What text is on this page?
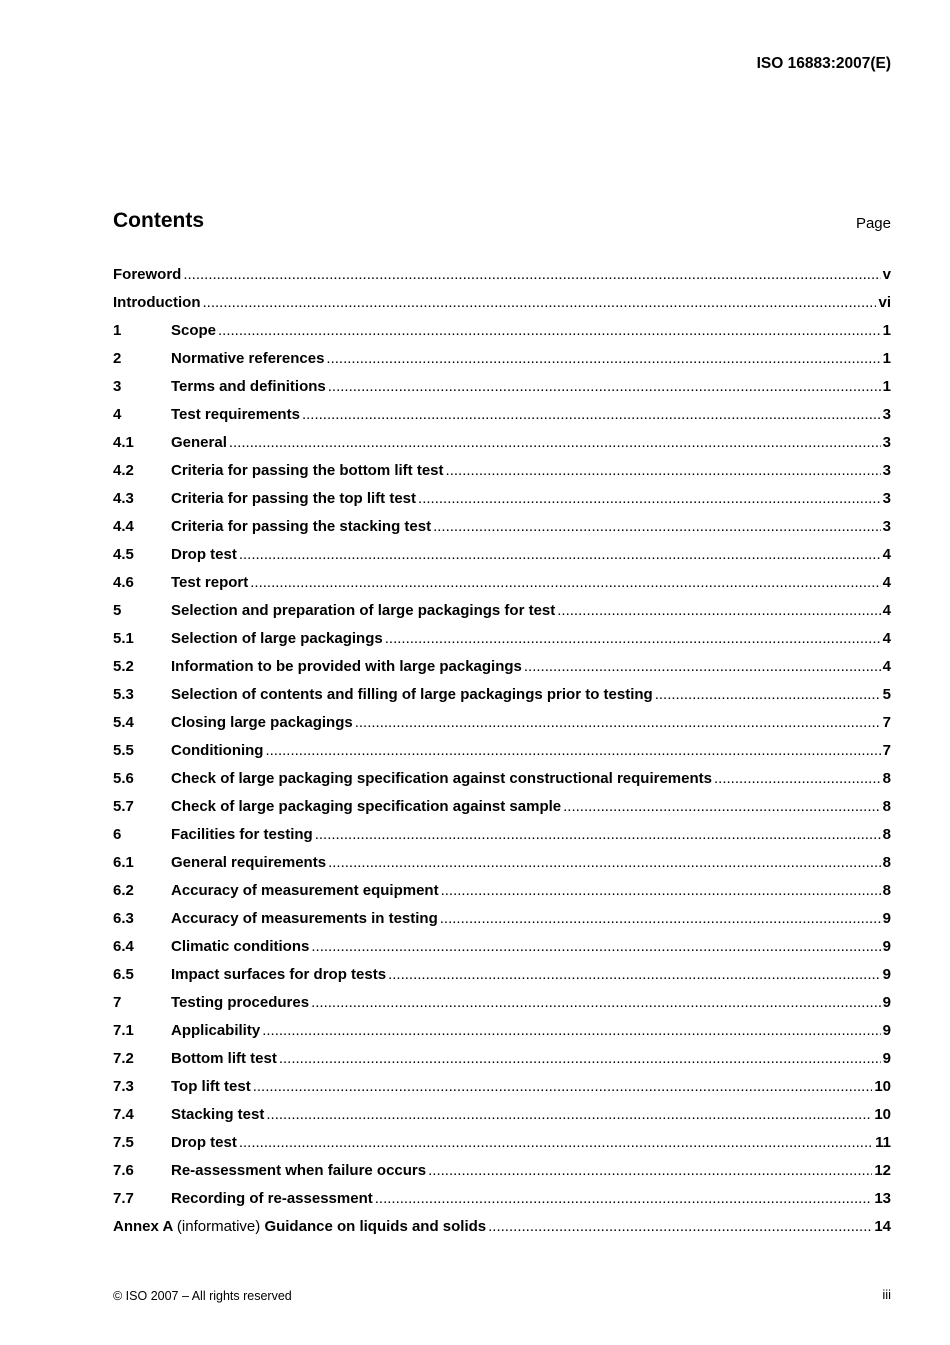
ISO 16883:2007(E)
Contents	Page
Foreword .....	v
Introduction .....	vi
1	Scope .....	1
2	Normative references .....	1
3	Terms and definitions .....	1
4	Test requirements .....	3
4.1	General .....	3
4.2	Criteria for passing the bottom lift test .....	3
4.3	Criteria for passing the top lift test .....	3
4.4	Criteria for passing the stacking test .....	3
4.5	Drop test .....	4
4.6	Test report .....	4
5	Selection and preparation of large packagings for test .....	4
5.1	Selection of large packagings .....	4
5.2	Information to be provided with large packagings .....	4
5.3	Selection of contents and filling of large packagings prior to testing .....	5
5.4	Closing large packagings .....	7
5.5	Conditioning .....	7
5.6	Check of large packaging specification against constructional requirements .....	8
5.7	Check of large packaging specification against sample .....	8
6	Facilities for testing .....	8
6.1	General requirements .....	8
6.2	Accuracy of measurement equipment .....	8
6.3	Accuracy of measurements in testing .....	9
6.4	Climatic conditions .....	9
6.5	Impact surfaces for drop tests .....	9
7	Testing procedures .....	9
7.1	Applicability .....	9
7.2	Bottom lift test .....	9
7.3	Top lift test .....	10
7.4	Stacking test .....	10
7.5	Drop test .....	11
7.6	Re-assessment when failure occurs .....	12
7.7	Recording of re-assessment .....	13
Annex A (informative) Guidance on liquids and solids .....	14
© ISO 2007 – All rights reserved	iii
